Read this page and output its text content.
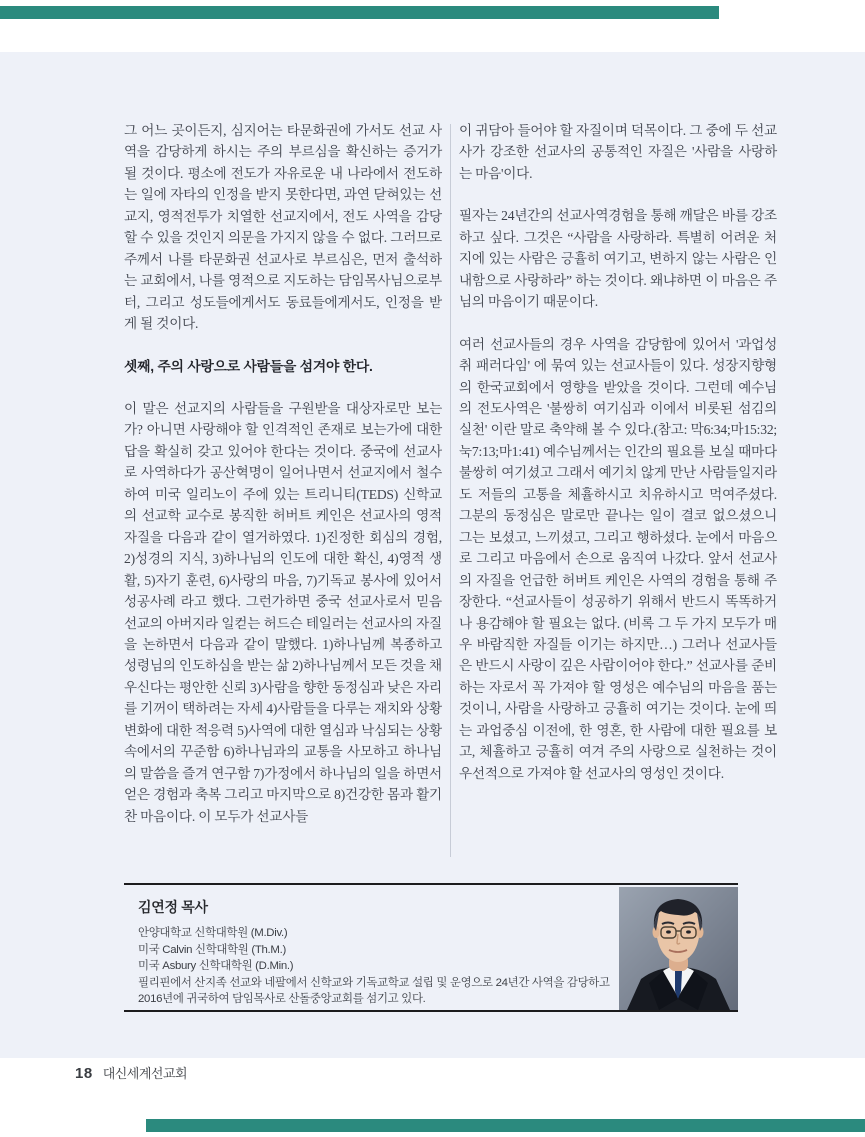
그 어느 곳이든지, 심지어는 타문화권에 가서도 선교 사역을 감당하게 하시는 주의 부르심을 확신하는 증거가 될 것이다. 평소에 전도가 자유로운 내 나라에서 전도하는 일에 자타의 인정을 받지 못한다면, 과연 닫혀있는 선교지, 영적전투가 치열한 선교지에서, 전도 사역을 감당할 수 있을 것인지 의문을 가지지 않을 수 없다. 그러므로 주께서 나를 타문화권 선교사로 부르심은, 먼저 출석하는 교회에서, 나를 영적으로 지도하는 담임목사님으로부터, 그리고 성도들에게서도 동료들에게서도, 인정을 받게 될 것이다.

셋째, 주의 사랑으로 사람들을 섬겨야 한다.

이 말은 선교지의 사람들을 구원받을 대상자로만 보는가? 아니면 사랑해야 할 인격적인 존재로 보는가에 대한 답을 확실히 갖고 있어야 한다는 것이다. 중국에 선교사로 사역하다가 공산혁명이 일어나면서 선교지에서 철수하여 미국 일리노이 주에 있는 트리니티(TEDS) 신학교의 선교학 교수로 봉직한 허버트 케인은 선교사의 영적자질을 다음과 같이 열거하였다. 1)진정한 회심의 경험, 2)성경의 지식, 3)하나님의 인도에 대한 확신, 4)영적 생활, 5)자기 훈련, 6)사랑의 마음, 7)기독교 봉사에 있어서 성공사례 라고 했다. 그런가하면 중국 선교사로서 믿음 선교의 아버지라 일컫는 허드슨 테일러는 선교사의 자질을 논하면서 다음과 같이 말했다. 1)하나님께 복종하고 성령님의 인도하심을 받는 삶 2)하나님께서 모든 것을 채우신다는 평안한 신뢰 3)사람을 향한 동정심과 낮은 자리를 기꺼이 택하려는 자세 4)사람들을 다루는 재치와 상황변화에 대한 적응력 5)사역에 대한 열심과 낙심되는 상황속에서의 꾸준함 6)하나님과의 교통을 사모하고 하나님의 말씀을 즐겨 연구함 7)가정에서 하나님의 일을 하면서 얻은 경험과 축복 그리고 마지막으로 8)건강한 몸과 활기찬 마음이다. 이 모두가 선교사들

이 귀담아 들어야 할 자질이며 덕목이다. 그 중에 두 선교사가 강조한 선교사의 공통적인 자질은 '사람을 사랑하는 마음'이다.

필자는 24년간의 선교사역경험을 통해 깨달은 바를 강조하고 싶다. 그것은 “사람을 사랑하라. 특별히 어려운 처지에 있는 사람은 긍휼히 여기고, 변하지 않는 사람은 인내함으로 사랑하라” 하는 것이다. 왜냐하면 이 마음은 주님의 마음이기 때문이다.

여러 선교사들의 경우 사역을 감당함에 있어서 '과업성취 패러다임' 에 묶여 있는 선교사들이 있다. 성장지향형의 한국교회에서 영향을 받았을 것이다. 그런데 예수님의 전도사역은 '불쌍히 여기심과 이에서 비롯된 섬김의 실천' 이란 말로 축약해 볼 수 있다.(참고: 막6:34;마15:32;눅7:13;마1:41) 예수님께서는 인간의 필요를 보실 때마다 불쌍히 여기셨고 그래서 예기치 않게 만난 사람들일지라도 저들의 고통을 체휼하시고 치유하시고 먹여주셨다. 그분의 동정심은 말로만 끝나는 일이 결코 없으셨으니 그는 보셨고, 느끼셨고, 그리고 행하셨다. 눈에서 마음으로 그리고 마음에서 손으로 움직여 나갔다. 앞서 선교사의 자질을 언급한 허버트 케인은 사역의 경험을 통해 주장한다. “선교사들이 성공하기 위해서 반드시 똑똑하거나 용감해야 할 필요는 없다. (비록 그 두 가지 모두가 매우 바람직한 자질들 이기는 하지만…) 그러나 선교사들은 반드시 사랑이 깊은 사람이어야 한다.” 선교사를 준비하는 자로서 꼭 가져야 할 영성은 예수님의 마음을 품는 것이니, 사람을 사랑하고 긍휼히 여기는 것이다. 눈에 띄는 과업중심 이전에, 한 영혼, 한 사람에 대한 필요를 보고, 체휼하고 긍휼히 여겨 주의 사랑으로 실천하는 것이 우선적으로 가져야 할 선교사의 영성인 것이다.

김연정 목사
안양대학교 신학대학원 (M.Div.)
미국 Calvin 신학대학원 (Th.M.)
미국 Asbury 신학대학원 (D.Min.)
필리핀에서 산지족 선교와 네팔에서 신학교와 기독교학교 설립 및 운영으로 24년간 사역을 감당하고
2016년에 귀국하여 담임목사로 산돌중앙교회를 섬기고 있다.
18 대신세계선교회
